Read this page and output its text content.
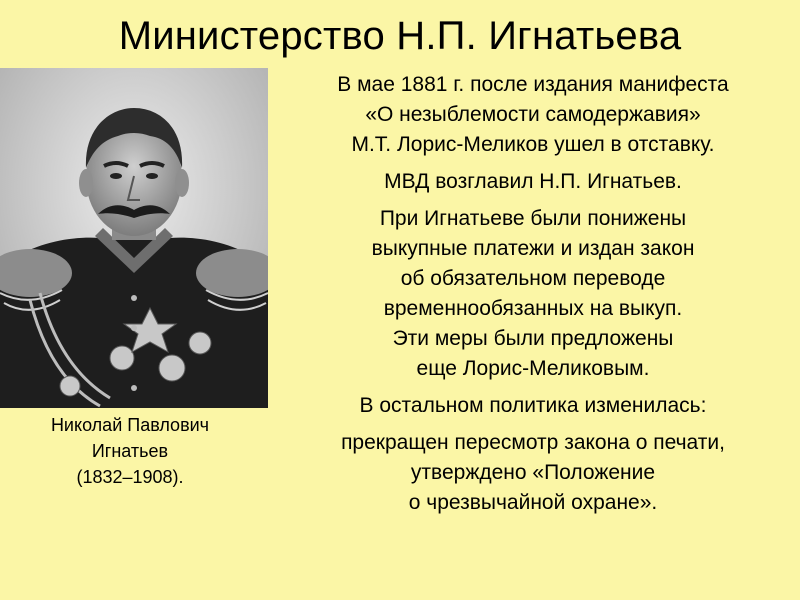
Министерство Н.П. Игнатьева
Николай Павлович
Игнатьев
(1832–1908).

В мае 1881 г. после издания манифеста
«О незыблемости самодержавия»
М.Т. Лорис-Меликов ушел в отставку.

МВД возглавил Н.П. Игнатьев.

При Игнатьеве были понижены
выкупные платежи и издан закон
об обязательном переводе
временнообязанных на выкуп.
Эти меры были предложены
еще Лорис-Меликовым.

В остальном политика изменилась:

прекращен пересмотр закона о печати,
утверждено «Положение
о чрезвычайной охране».
